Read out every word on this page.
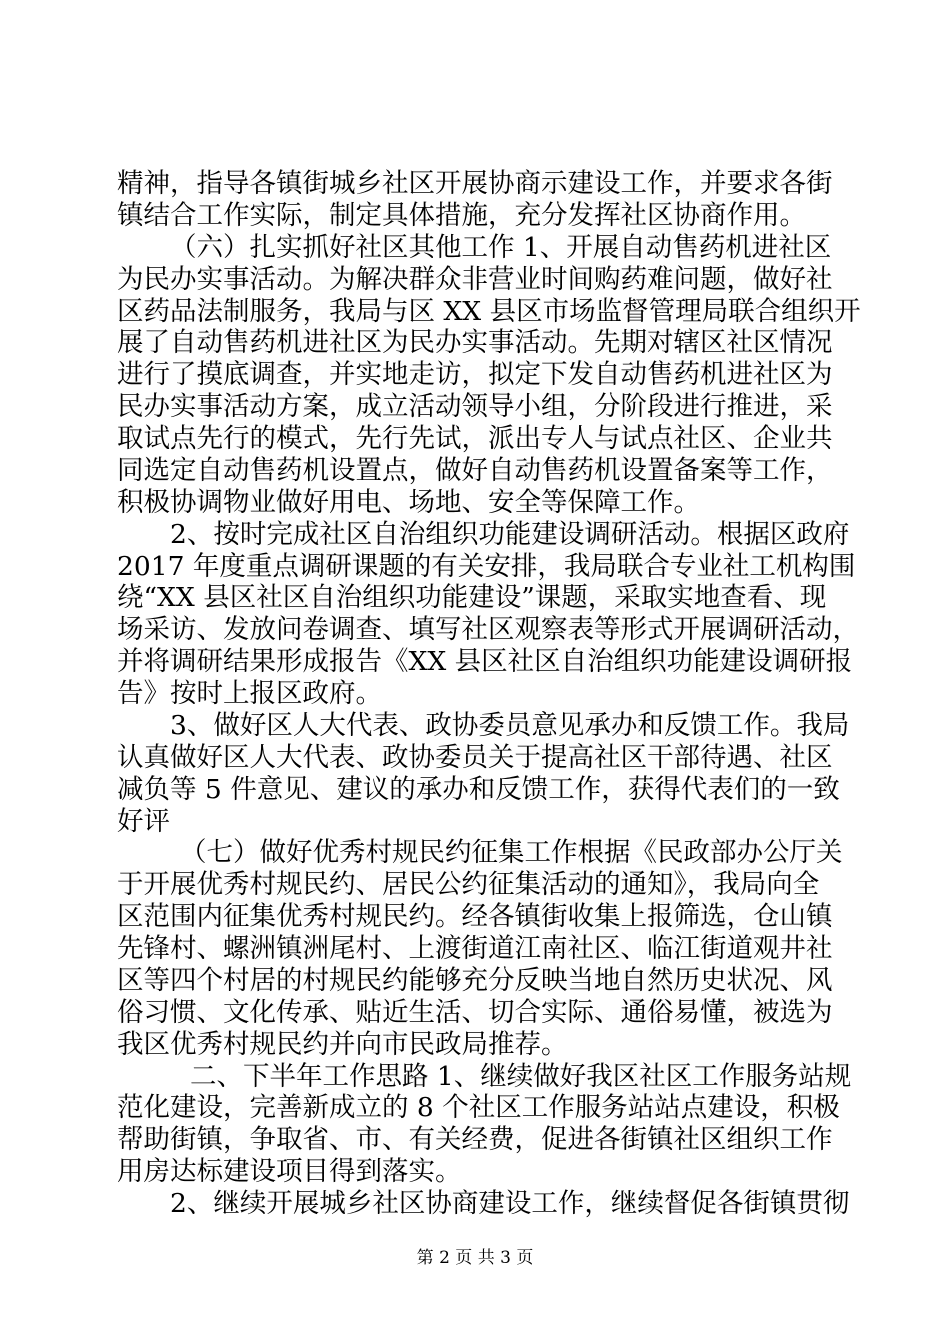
精神，指导各镇街城乡社区开展协商示建设工作，并要求各街
镇结合工作实际，制定具体措施，充分发挥社区协商作用。
（六）扎实抓好社区其他工作 1、开展自动售药机进社区
为民办实事活动。为解决群众非营业时间购药难问题，做好社
区药品法制服务，我局与区 XX 县区市场监督管理局联合组织开
展了自动售药机进社区为民办实事活动。先期对辖区社区情况
进行了摸底调查，并实地走访，拟定下发自动售药机进社区为
民办实事活动方案，成立活动领导小组，分阶段进行推进，采
取试点先行的模式，先行先试，派出专人与试点社区、企业共
同选定自动售药机设置点，做好自动售药机设置备案等工作，
积极协调物业做好用电、场地、安全等保障工作。
2、按时完成社区自治组织功能建设调研活动。根据区政府
2017 年度重点调研课题的有关安排，我局联合专业社工机构围
绕“XX 县区社区自治组织功能建设”课题，采取实地查看、现
场采访、发放问卷调查、填写社区观察表等形式开展调研活动，
并将调研结果形成报告《XX 县区社区自治组织功能建设调研报
告》按时上报区政府。
3、做好区人大代表、政协委员意见承办和反馈工作。我局
认真做好区人大代表、政协委员关于提高社区干部待遇、社区
减负等 5 件意见、建议的承办和反馈工作，获得代表们的一致
好评
（七）做好优秀村规民约征集工作根据《民政部办公厅关
于开展优秀村规民约、居民公约征集活动的通知》，我局向全
区范围内征集优秀村规民约。经各镇街收集上报筛选，仓山镇
先锋村、螺洲镇洲尾村、上渡街道江南社区、临江街道观井社
区等四个村居的村规民约能够充分反映当地自然历史状况、风
俗习惯、文化传承、贴近生活、切合实际、通俗易懂，被选为
我区优秀村规民约并向市民政局推荐。
二、下半年工作思路 1、继续做好我区社区工作服务站规
范化建设，完善新成立的 8 个社区工作服务站站点建设，积极
帮助街镇，争取省、市、有关经费，促进各街镇社区组织工作
用房达标建设项目得到落实。
2、继续开展城乡社区协商建设工作，继续督促各街镇贯彻
第 2 页 共 3 页
